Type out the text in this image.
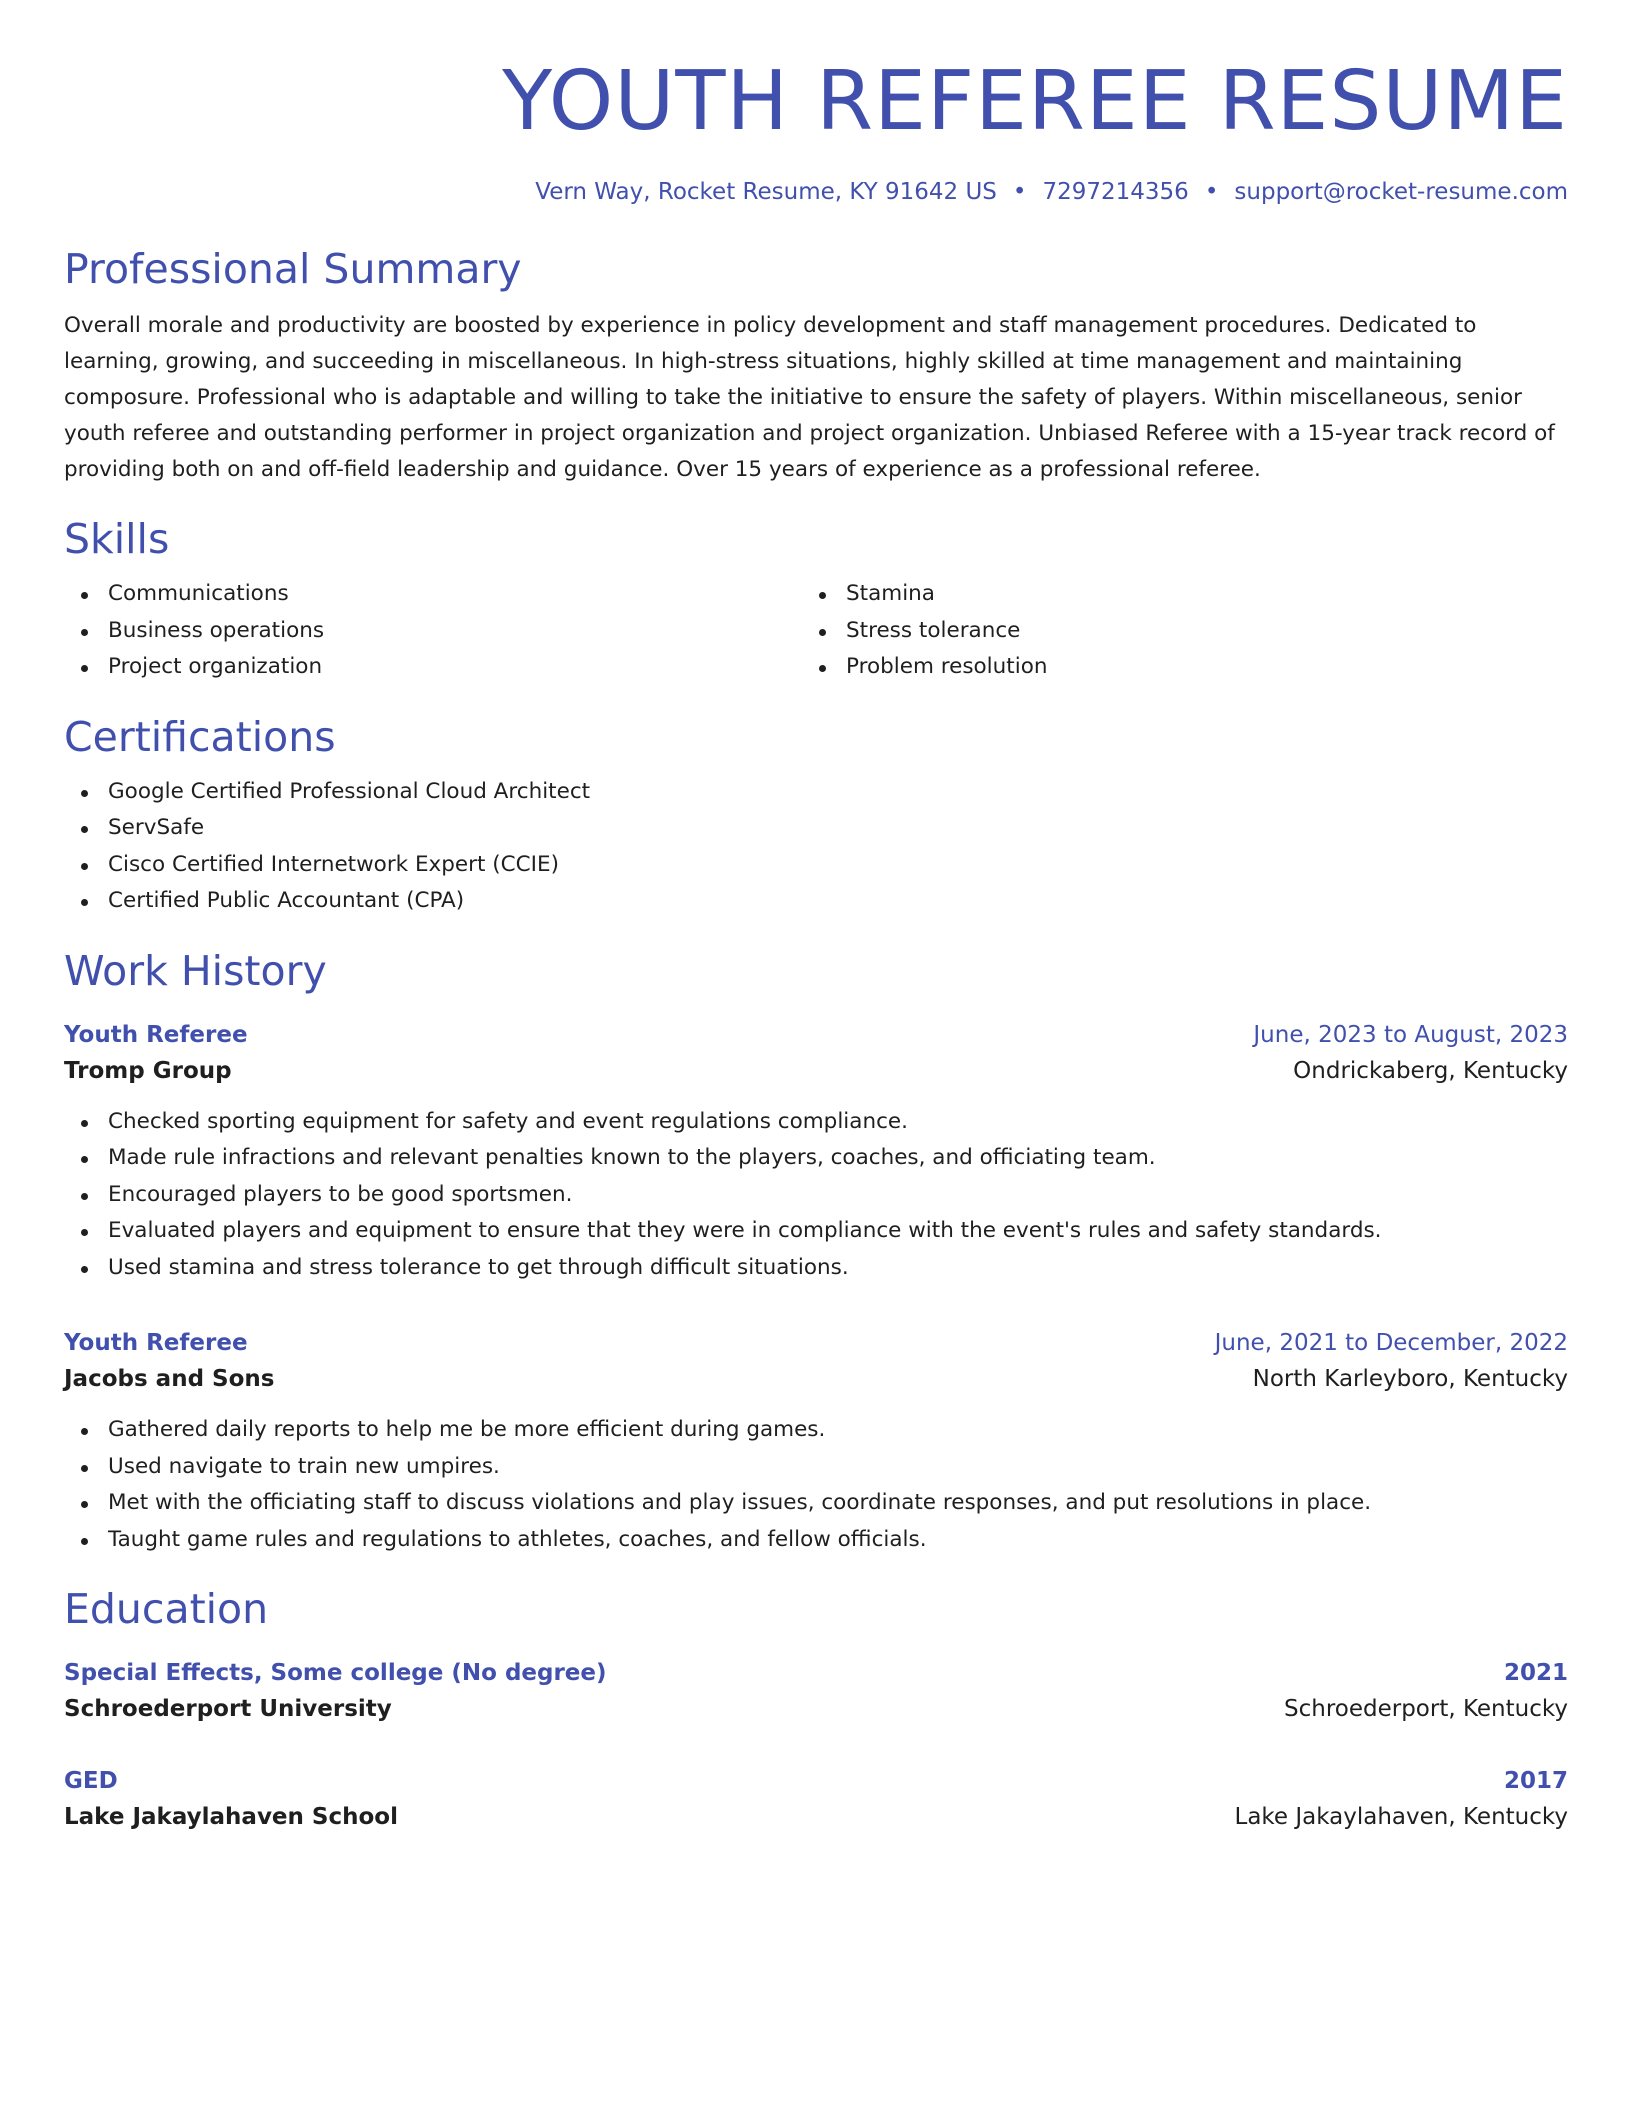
YOUTH REFEREE RESUME
Vern Way, Rocket Resume, KY 91642 US • 7297214356 • support@rocket-resume.com
Professional Summary
Overall morale and productivity are boosted by experience in policy development and staff management procedures. Dedicated to learning, growing, and succeeding in miscellaneous. In high-stress situations, highly skilled at time management and maintaining composure. Professional who is adaptable and willing to take the initiative to ensure the safety of players. Within miscellaneous, senior youth referee and outstanding performer in project organization and project organization. Unbiased Referee with a 15-year track record of providing both on and off-field leadership and guidance. Over 15 years of experience as a professional referee.
Skills
Communications
Business operations
Project organization
Stamina
Stress tolerance
Problem resolution
Certifications
Google Certified Professional Cloud Architect
ServSafe
Cisco Certified Internetwork Expert (CCIE)
Certified Public Accountant (CPA)
Work History
Youth Referee	June, 2023 to August, 2023
Tromp Group	Ondrickaberg, Kentucky
Checked sporting equipment for safety and event regulations compliance.
Made rule infractions and relevant penalties known to the players, coaches, and officiating team.
Encouraged players to be good sportsmen.
Evaluated players and equipment to ensure that they were in compliance with the event's rules and safety standards.
Used stamina and stress tolerance to get through difficult situations.
Youth Referee	June, 2021 to December, 2022
Jacobs and Sons	North Karleyboro, Kentucky
Gathered daily reports to help me be more efficient during games.
Used navigate to train new umpires.
Met with the officiating staff to discuss violations and play issues, coordinate responses, and put resolutions in place.
Taught game rules and regulations to athletes, coaches, and fellow officials.
Education
Special Effects, Some college (No degree)	2021
Schroederport University	Schroederport, Kentucky
GED	2017
Lake Jakaylahaven School	Lake Jakaylahaven, Kentucky
